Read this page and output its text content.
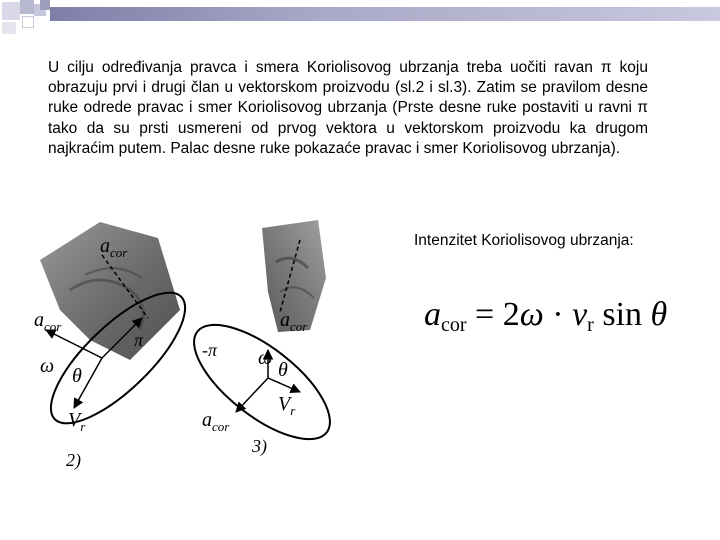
U cilju određivanja pravca i smera Koriolisovog ubrzanja treba uočiti ravan π koju obrazuju prvi i drugi član u vektorskom proizvodu (sl.2 i sl.3). Zatim se pravilom desne ruke odrede pravac i smer Koriolisovog ubrzanja (Prste desne ruke postaviti u ravni π tako da su prsti usmereni od prvog vektora u vektorskom proizvodu ka drugom najkraćim putem. Palac desne ruke pokazaće pravac i smer Koriolisovog ubrzanja).

Intenzitet Koriolisovog ubrzanja:

$a_{cor} = 2\omega \cdot v_r$ sin θ
$a_{cor}$
$a_{cor}$
π
ω θ
$V_r$
2)
$a_{cor}$
-π ω
θ
$V_r$
$a_{cor}$
3)
